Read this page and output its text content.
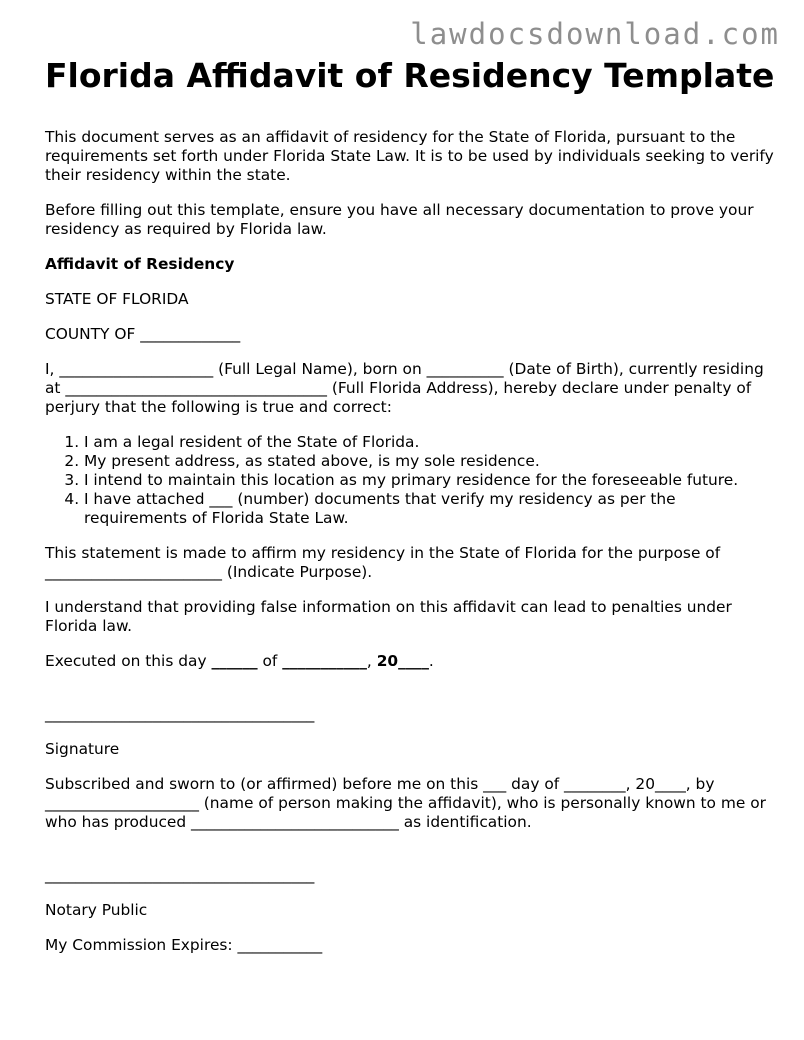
lawdocsdownload.com
Florida Affidavit of Residency Template

This document serves as an affidavit of residency for the State of Florida, pursuant to the requirements set forth under Florida State Law. It is to be used by individuals seeking to verify their residency within the state.

Before filling out this template, ensure you have all necessary documentation to prove your residency as required by Florida law.

Affidavit of Residency

STATE OF FLORIDA

COUNTY OF _____________

I, ____________________ (Full Legal Name), born on __________ (Date of Birth), currently residing at __________________________________ (Full Florida Address), hereby declare under penalty of perjury that the following is true and correct:

1. I am a legal resident of the State of Florida.
2. My present address, as stated above, is my sole residence.
3. I intend to maintain this location as my primary residence for the foreseeable future.
4. I have attached ___ (number) documents that verify my residency as per the requirements of Florida State Law.

This statement is made to affirm my residency in the State of Florida for the purpose of _______________________ (Indicate Purpose).

I understand that providing false information on this affidavit can lead to penalties under Florida law.

Executed on this day ______ of ___________, 20____.

___________________________________

Signature

Subscribed and sworn to (or affirmed) before me on this ___ day of ________, 20____, by ____________________ (name of person making the affidavit), who is personally known to me or who has produced ___________________________ as identification.

___________________________________

Notary Public

My Commission Expires: ___________
